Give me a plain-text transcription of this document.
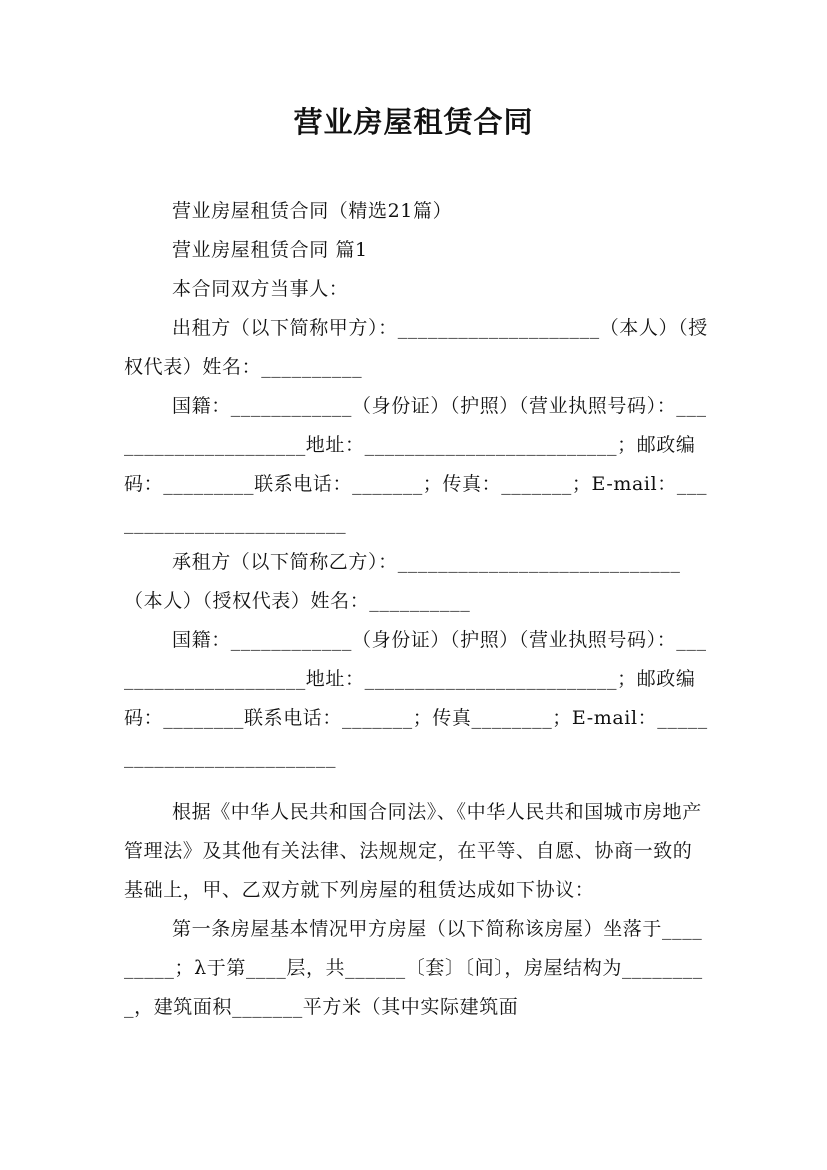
营业房屋租赁合同

营业房屋租赁合同（精选21篇）

营业房屋租赁合同 篇1

本合同双方当事人：

出租方（以下简称甲方）：____________________（本人）（授权代表）姓名：__________

国籍：____________（身份证）（护照）（营业执照号码）：_____________________地址：_________________________；邮政编码：_________联系电话：_______；传真：_______；E-mail：_________________________

承租方（以下简称乙方）：____________________________（本人）（授权代表）姓名：__________

国籍：____________（身份证）（护照）（营业执照号码）：_____________________地址：_________________________；邮政编码：________联系电话：_______；传真________；E-mail：__________________________

根据《中华人民共和国合同法》、《中华人民共和国城市房地产管理法》及其他有关法律、法规规定，在平等、自愿、协商一致的基础上，甲、乙双方就下列房屋的租赁达成如下协议：

第一条房屋基本情况甲方房屋（以下简称该房屋）坐落于_________；λ于第____层，共______〔套〕〔间〕，房屋结构为_________，建筑面积_______平方米（其中实际建筑面
